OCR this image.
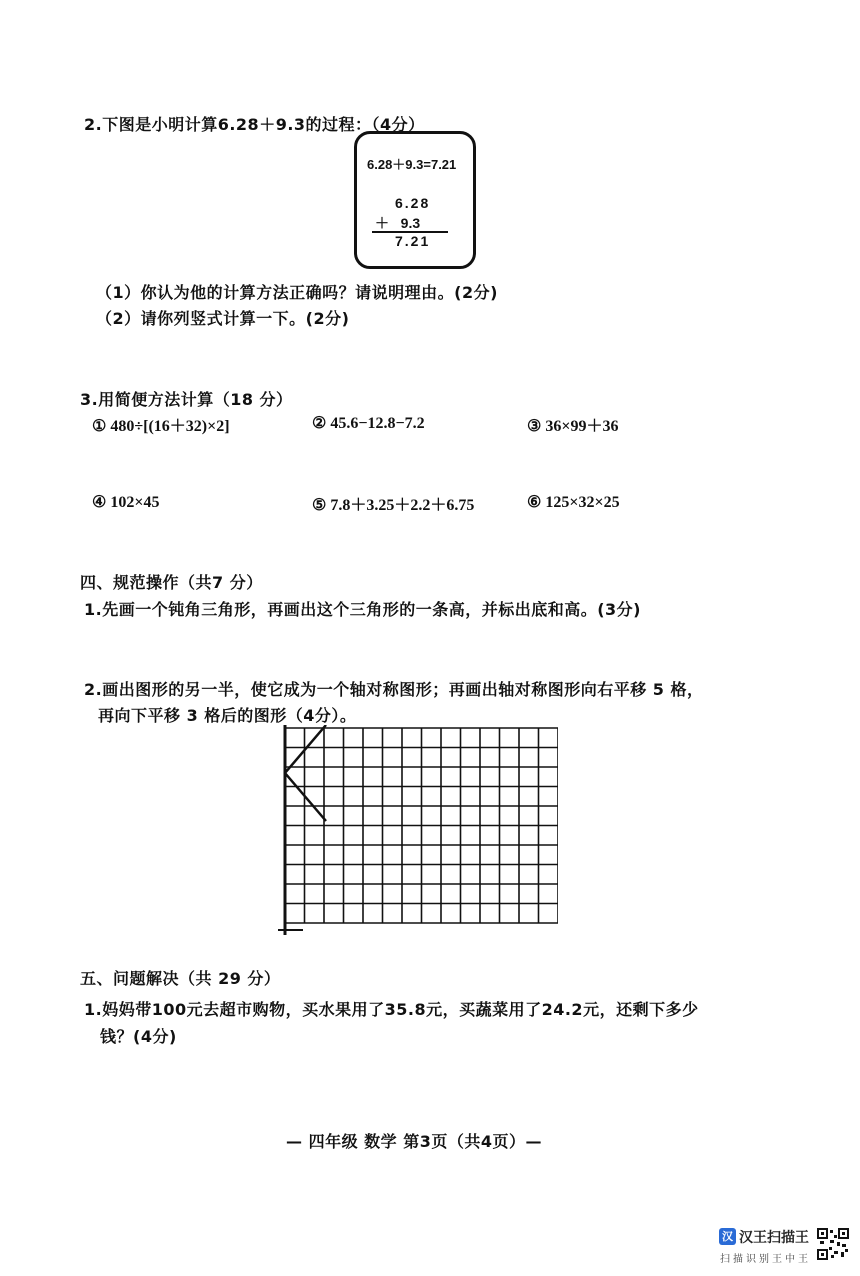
2.下图是小明计算6.28＋9.3的过程：（4分）
6.28＋9.3=7.21
6.28
＋   9.3
7.21
（1）你认为他的计算方法正确吗？请说明理由。(2分)
（2）请你列竖式计算一下。(2分)
3.用简便方法计算（18 分）
① 480÷[(16＋32)×2]	② 45.6−12.8−7.2	③ 36×99＋36
④ 102×45	⑤ 7.8＋3.25＋2.2＋6.75	⑥ 125×32×25
四、规范操作（共7 分）
1.先画一个钝角三角形，再画出这个三角形的一条高，并标出底和高。(3分)
2.画出图形的另一半，使它成为一个轴对称图形；再画出轴对称图形向右平移 5 格，
再向下平移 3 格后的图形（4分）。
五、问题解决（共 29 分）
1.妈妈带100元去超市购物，买水果用了35.8元，买蔬菜用了24.2元，还剩下多少
钱？(4分)
— 四年级 数学 第3页（共4页）—
汉 汉王扫描王
扫描识别王中王
